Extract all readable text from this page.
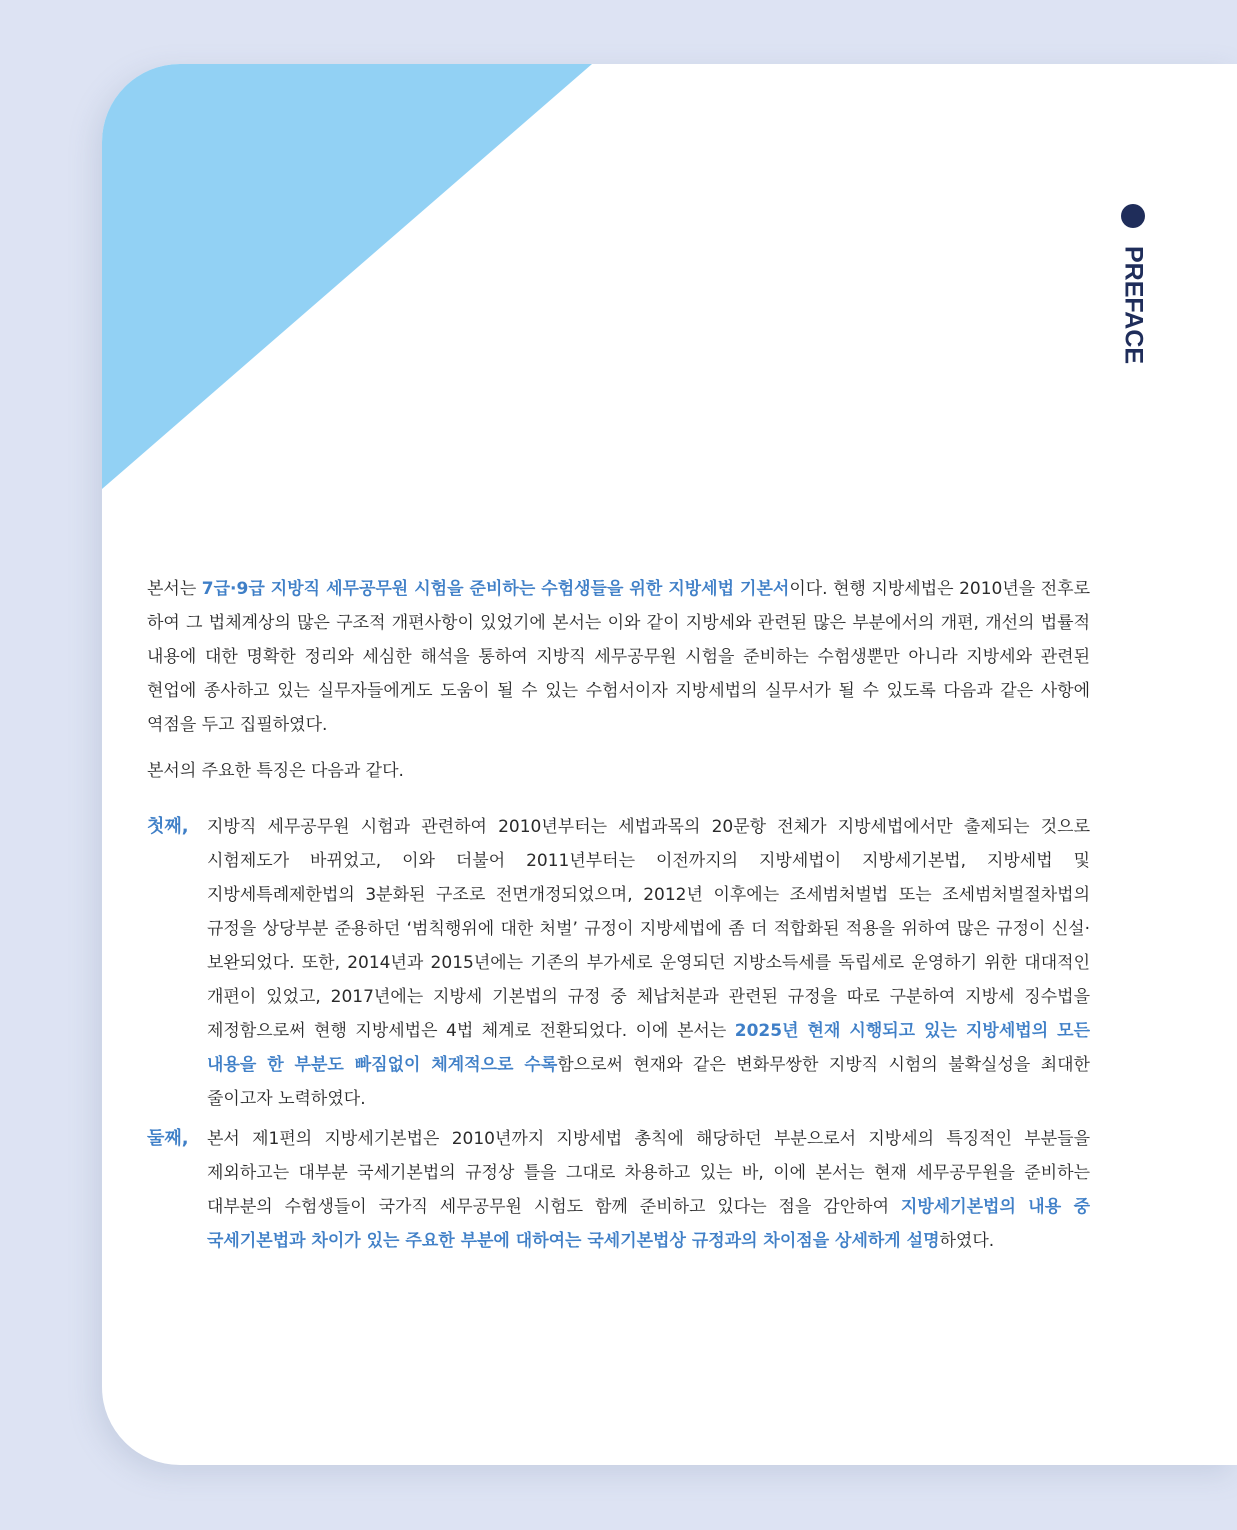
PREFACE

본서는 7급·9급 지방직 세무공무원 시험을 준비하는 수험생들을 위한 지방세법 기본서이다. 현행 지방세법은 2010년을 전후로 하여 그 법체계상의 많은 구조적 개편사항이 있었기에 본서는 이와 같이 지방세와 관련된 많은 부분에서의 개편, 개선의 법률적 내용에 대한 명확한 정리와 세심한 해석을 통하여 지방직 세무공무원 시험을 준비하는 수험생뿐만 아니라 지방세와 관련된 현업에 종사하고 있는 실무자들에게도 도움이 될 수 있는 수험서이자 지방세법의 실무서가 될 수 있도록 다음과 같은 사항에 역점을 두고 집필하였다.

본서의 주요한 특징은 다음과 같다.

첫째,	지방직 세무공무원 시험과 관련하여 2010년부터는 세법과목의 20문항 전체가 지방세법에서만 출제되는 것으로 시험제도가 바뀌었고, 이와 더불어 2011년부터는 이전까지의 지방세법이 지방세기본법, 지방세법 및 지방세특례제한법의 3분화된 구조로 전면개정되었으며, 2012년 이후에는 조세범처벌법 또는 조세범처벌절차법의 규정을 상당부분 준용하던 ‘범칙행위에 대한 처벌’ 규정이 지방세법에 좀 더 적합화된 적용을 위하여 많은 규정이 신설·보완되었다. 또한, 2014년과 2015년에는 기존의 부가세로 운영되던 지방소득세를 독립세로 운영하기 위한 대대적인 개편이 있었고, 2017년에는 지방세 기본법의 규정 중 체납처분과 관련된 규정을 따로 구분하여 지방세 징수법을 제정함으로써 현행 지방세법은 4법 체계로 전환되었다. 이에 본서는 2025년 현재 시행되고 있는 지방세법의 모든 내용을 한 부분도 빠짐없이 체계적으로 수록함으로써 현재와 같은 변화무쌍한 지방직 시험의 불확실성을 최대한 줄이고자 노력하였다.

둘째,	본서 제1편의 지방세기본법은 2010년까지 지방세법 총칙에 해당하던 부분으로서 지방세의 특징적인 부분들을 제외하고는 대부분 국세기본법의 규정상 틀을 그대로 차용하고 있는 바, 이에 본서는 현재 세무공무원을 준비하는 대부분의 수험생들이 국가직 세무공무원 시험도 함께 준비하고 있다는 점을 감안하여 지방세기본법의 내용 중 국세기본법과 차이가 있는 주요한 부분에 대하여는 국세기본법상 규정과의 차이점을 상세하게 설명하였다.
